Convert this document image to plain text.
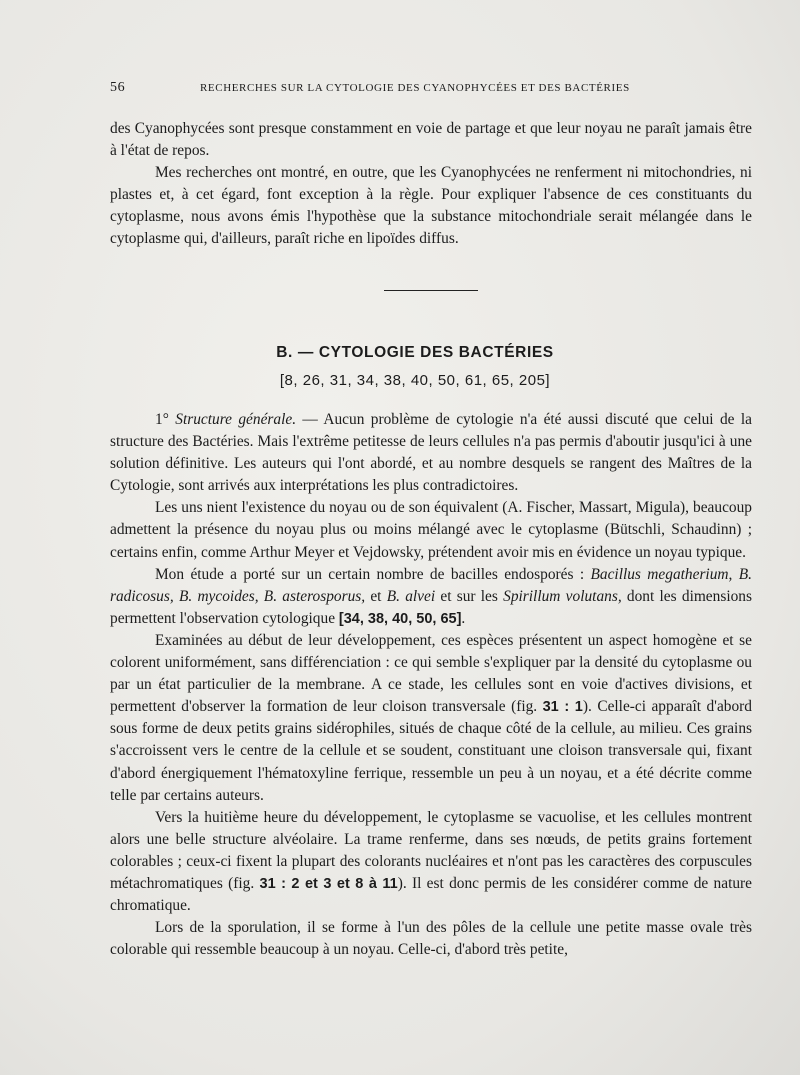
56	RECHERCHES SUR LA CYTOLOGIE DES CYANOPHYCÉES ET DES BACTÉRIES

des Cyanophycées sont presque constamment en voie de partage et que leur noyau ne paraît jamais être à l'état de repos.

Mes recherches ont montré, en outre, que les Cyanophycées ne renferment ni mitochondries, ni plastes et, à cet égard, font exception à la règle. Pour expliquer l'absence de ces constituants du cytoplasme, nous avons émis l'hypothèse que la substance mitochondriale serait mélangée dans le cytoplasme qui, d'ailleurs, paraît riche en lipoïdes diffus.

B. — CYTOLOGIE DES BACTÉRIES
[8, 26, 31, 34, 38, 40, 50, 61, 65, 205]

1° Structure générale. — Aucun problème de cytologie n'a été aussi discuté que celui de la structure des Bactéries. Mais l'extrême petitesse de leurs cellules n'a pas permis d'aboutir jusqu'ici à une solution définitive. Les auteurs qui l'ont abordé, et au nombre desquels se rangent des Maîtres de la Cytologie, sont arrivés aux interprétations les plus contradictoires.

Les uns nient l'existence du noyau ou de son équivalent (A. Fischer, Massart, Migula), beaucoup admettent la présence du noyau plus ou moins mélangé avec le cytoplasme (Bütschli, Schaudinn) ; certains enfin, comme Arthur Meyer et Vejdowsky, prétendent avoir mis en évidence un noyau typique.

Mon étude a porté sur un certain nombre de bacilles endosporés : Bacillus megatherium, B. radicosus, B. mycoides, B. asterosporus, et B. alvei et sur les Spirillum volutans, dont les dimensions permettent l'observation cytologique [34, 38, 40, 50, 65].

Examinées au début de leur développement, ces espèces présentent un aspect homogène et se colorent uniformément, sans différenciation : ce qui semble s'expliquer par la densité du cytoplasme ou par un état particulier de la membrane. A ce stade, les cellules sont en voie d'actives divisions, et permettent d'observer la formation de leur cloison transversale (fig. 31 : 1). Celle-ci apparaît d'abord sous forme de deux petits grains sidérophiles, situés de chaque côté de la cellule, au milieu. Ces grains s'accroissent vers le centre de la cellule et se soudent, constituant une cloison transversale qui, fixant d'abord énergiquement l'hématoxyline ferrique, ressemble un peu à un noyau, et a été décrite comme telle par certains auteurs.

Vers la huitième heure du développement, le cytoplasme se vacuolise, et les cellules montrent alors une belle structure alvéolaire. La trame renferme, dans ses nœuds, de petits grains fortement colorables ; ceux-ci fixent la plupart des colorants nucléaires et n'ont pas les caractères des corpuscules métachromatiques (fig. 31 : 2 et 3 et 8 à 11). Il est donc permis de les considérer comme de nature chromatique.

Lors de la sporulation, il se forme à l'un des pôles de la cellule une petite masse ovale très colorable qui ressemble beaucoup à un noyau. Celle-ci, d'abord très petite,
